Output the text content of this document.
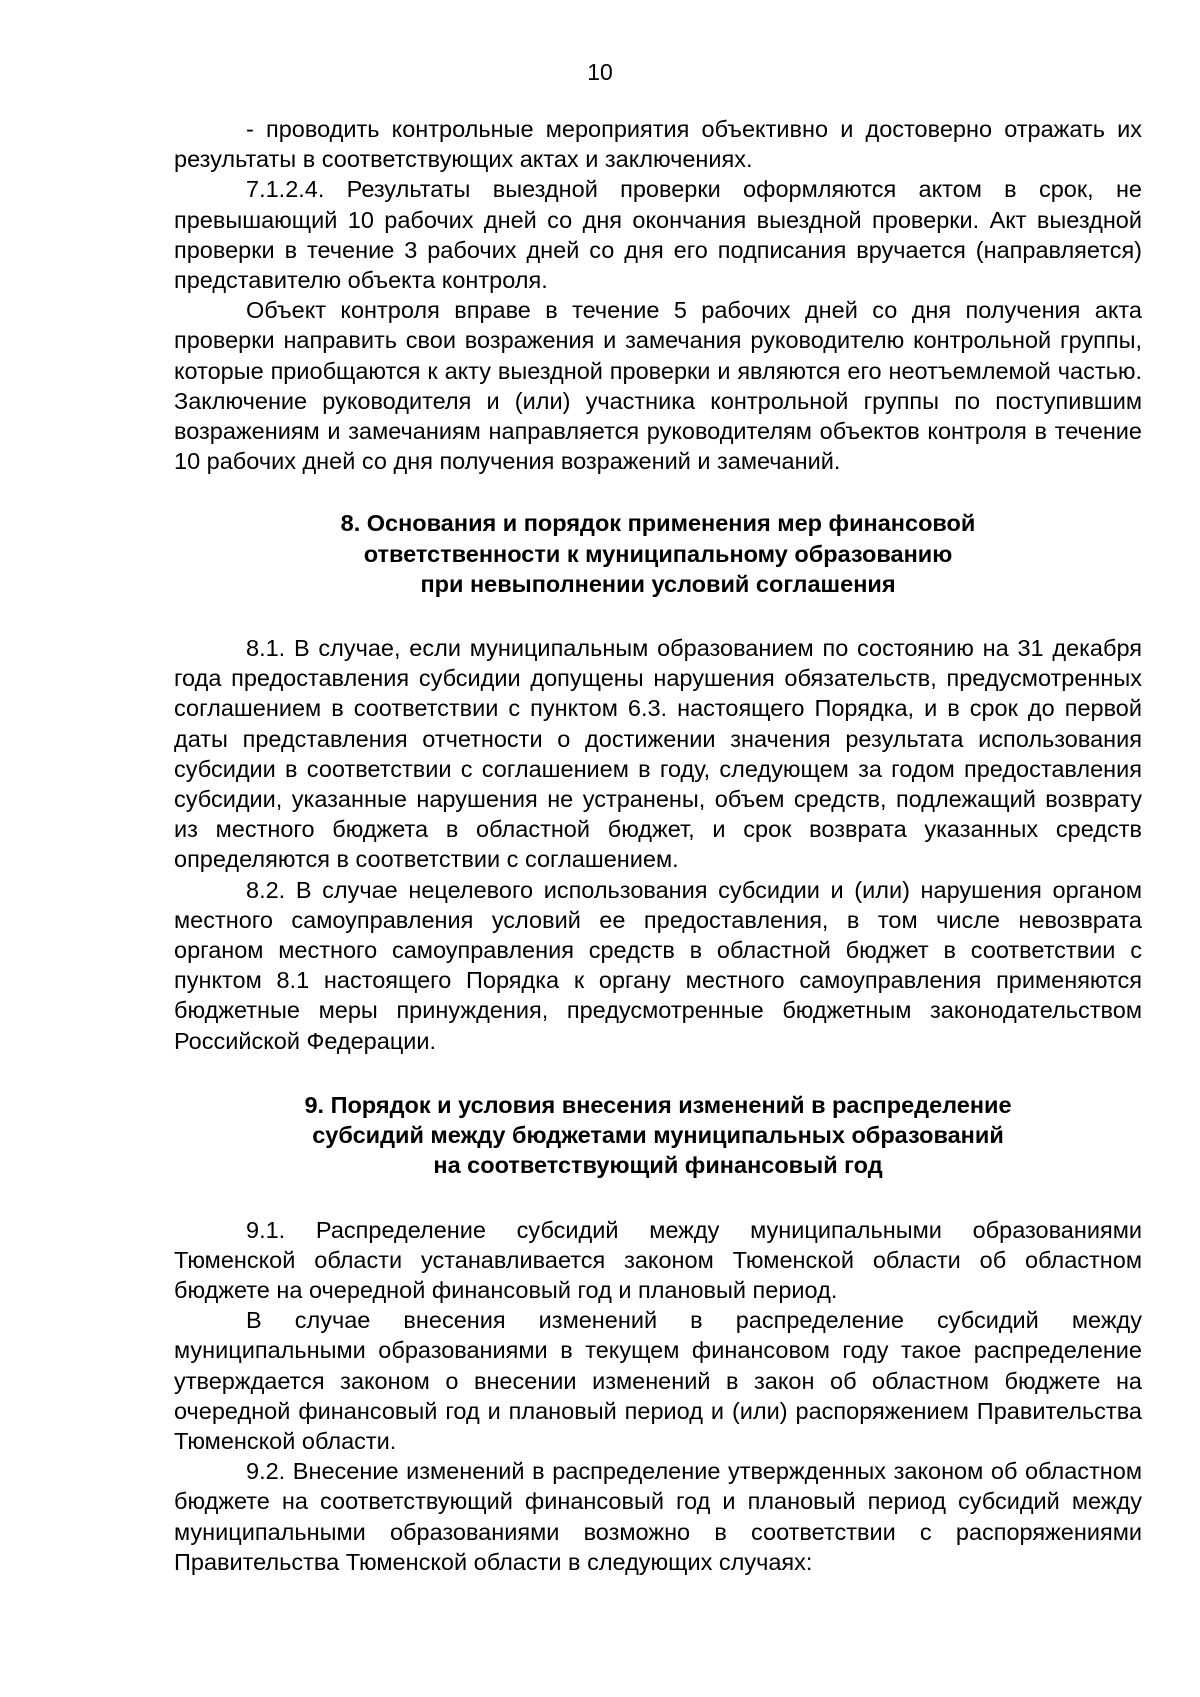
10

- проводить контрольные мероприятия объективно и достоверно отражать их результаты в соответствующих актах и заключениях.

7.1.2.4. Результаты выездной проверки оформляются актом в срок, не превышающий 10 рабочих дней со дня окончания выездной проверки. Акт выездной проверки в течение 3 рабочих дней со дня его подписания вручается (направляется) представителю объекта контроля.

Объект контроля вправе в течение 5 рабочих дней со дня получения акта проверки направить свои возражения и замечания руководителю контрольной группы, которые приобщаются к акту выездной проверки и являются его неотъемлемой частью. Заключение руководителя и (или) участника контрольной группы по поступившим возражениям и замечаниям направляется руководителям объектов контроля в течение 10 рабочих дней со дня получения возражений и замечаний.

8. Основания и порядок применения мер финансовой
ответственности к муниципальному образованию
при невыполнении условий соглашения

8.1. В случае, если муниципальным образованием по состоянию на 31 декабря года предоставления субсидии допущены нарушения обязательств, предусмотренных соглашением в соответствии с пунктом 6.3. настоящего Порядка, и в срок до первой даты представления отчетности о достижении значения результата использования субсидии в соответствии с соглашением в году, следующем за годом предоставления субсидии, указанные нарушения не устранены, объем средств, подлежащий возврату из местного бюджета в областной бюджет, и срок возврата указанных средств определяются в соответствии с соглашением.

8.2. В случае нецелевого использования субсидии и (или) нарушения органом местного самоуправления условий ее предоставления, в том числе невозврата органом местного самоуправления средств в областной бюджет в соответствии с пунктом 8.1 настоящего Порядка к органу местного самоуправления применяются бюджетные меры принуждения, предусмотренные бюджетным законодательством Российской Федерации.

9. Порядок и условия внесения изменений в распределение
субсидий между бюджетами муниципальных образований
на соответствующий финансовый год

9.1. Распределение субсидий между муниципальными образованиями Тюменской области устанавливается законом Тюменской области об областном бюджете на очередной финансовый год и плановый период.

В случае внесения изменений в распределение субсидий между муниципальными образованиями в текущем финансовом году такое распределение утверждается законом о внесении изменений в закон об областном бюджете на очередной финансовый год и плановый период и (или) распоряжением Правительства Тюменской области.

9.2. Внесение изменений в распределение утвержденных законом об областном бюджете на соответствующий финансовый год и плановый период субсидий между муниципальными образованиями возможно в соответствии с распоряжениями Правительства Тюменской области в следующих случаях:
